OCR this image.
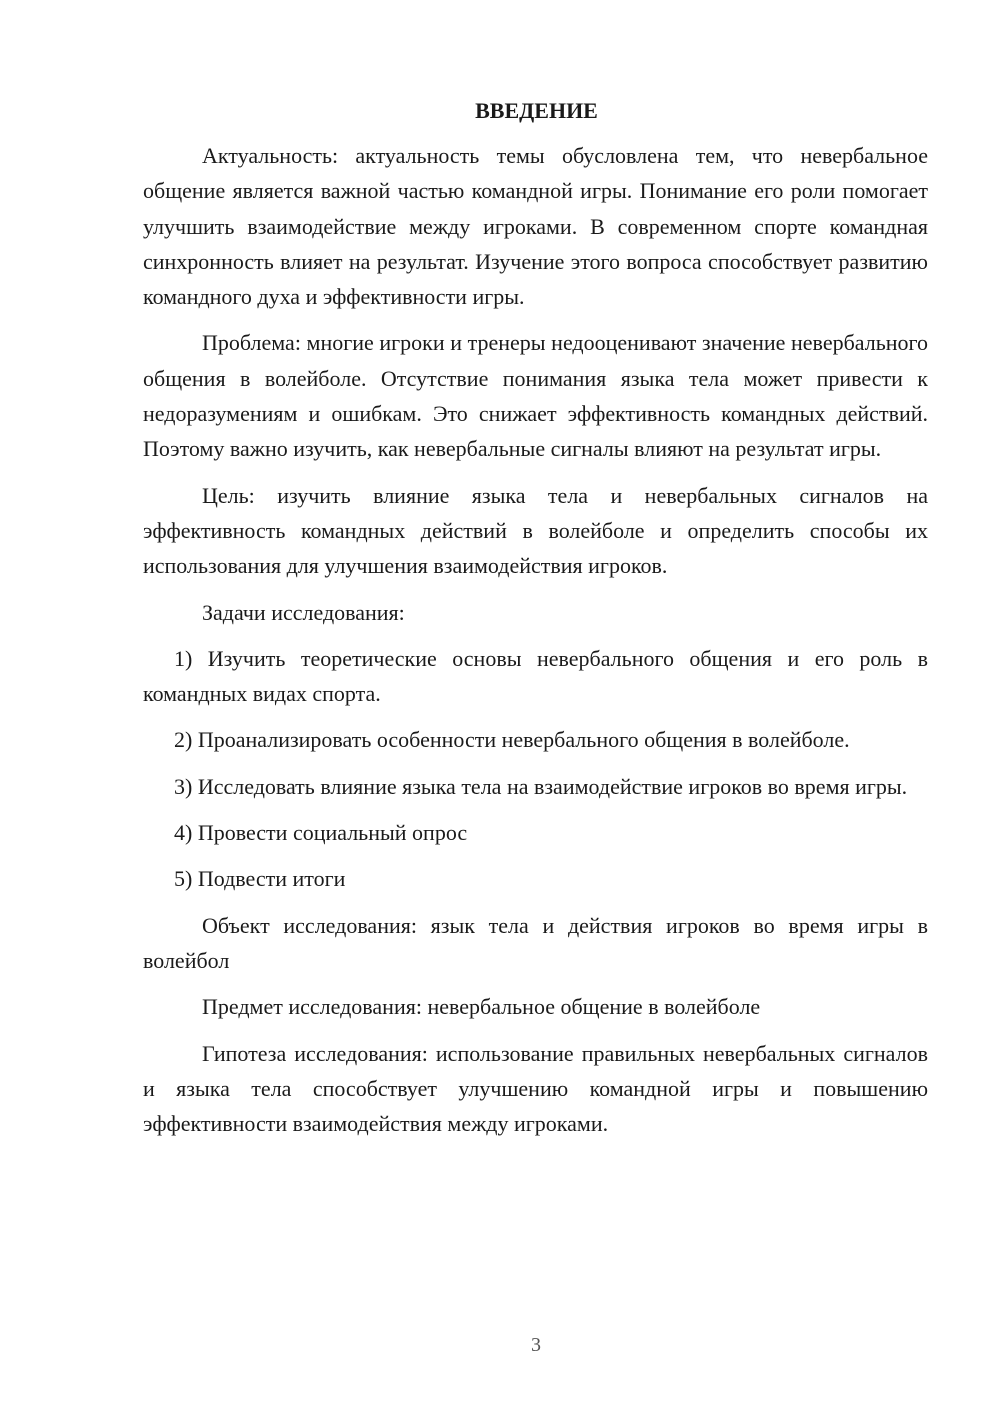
ВВЕДЕНИЕ

Актуальность: актуальность темы обусловлена тем, что невербальное общение является важной частью командной игры. Понимание его роли помогает улучшить взаимодействие между игроками. В современном спорте командная синхронность влияет на результат. Изучение этого вопроса способствует развитию командного духа и эффективности игры.

Проблема: многие игроки и тренеры недооценивают значение невербального общения в волейболе. Отсутствие понимания языка тела может привести к недоразумениям и ошибкам. Это снижает эффективность командных действий. Поэтому важно изучить, как невербальные сигналы влияют на результат игры.

Цель: изучить влияние языка тела и невербальных сигналов на эффективность командных действий в волейболе и определить способы их использования для улучшения взаимодействия игроков.

Задачи исследования:

1) Изучить теоретические основы невербального общения и его роль в командных видах спорта.

2) Проанализировать особенности невербального общения в волейболе.

3) Исследовать влияние языка тела на взаимодействие игроков во время игры.

4) Провести социальный опрос

5) Подвести итоги

Объект исследования: язык тела и действия игроков во время игры в волейбол

Предмет исследования: невербальное общение в волейболе

Гипотеза исследования: использование правильных невербальных сигналов и языка тела способствует улучшению командной игры и повышению эффективности взаимодействия между игроками.

3
